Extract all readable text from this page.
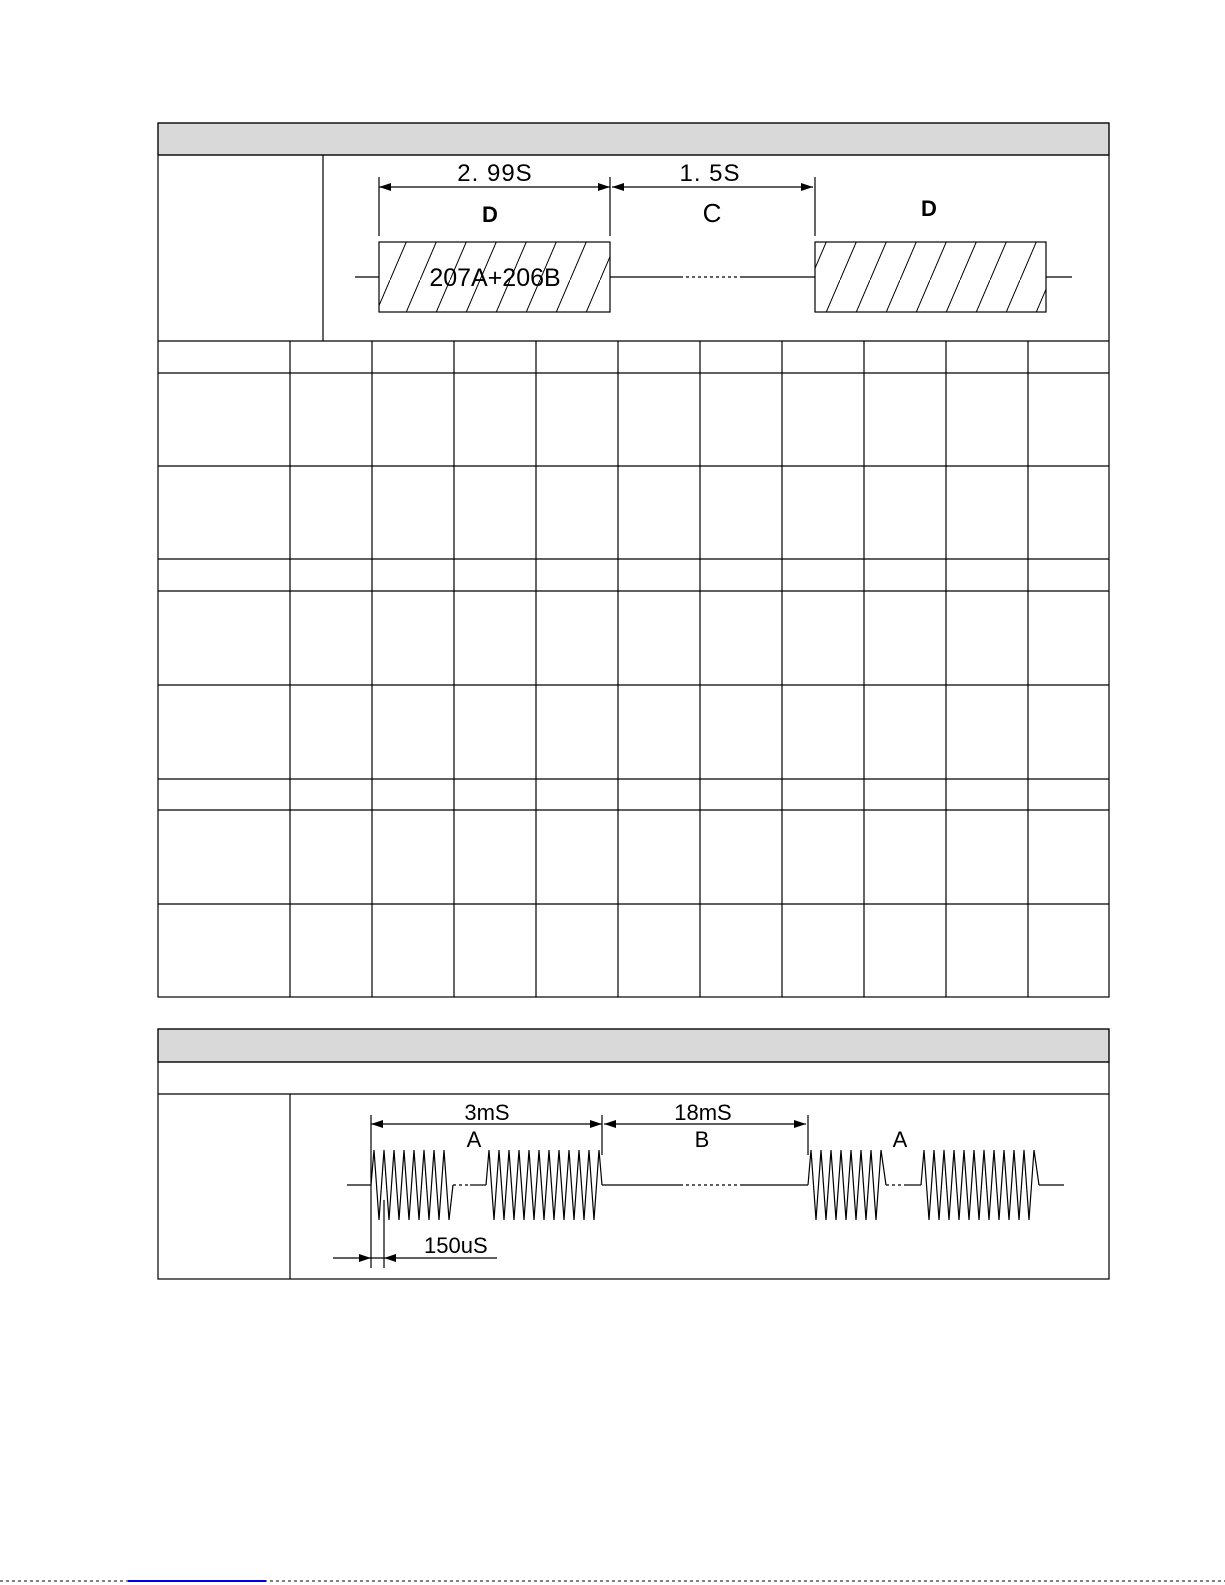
2. 99S	1. 5S
D	C	D
207A+206B
3mS	18mS
A	B	A
150uS
